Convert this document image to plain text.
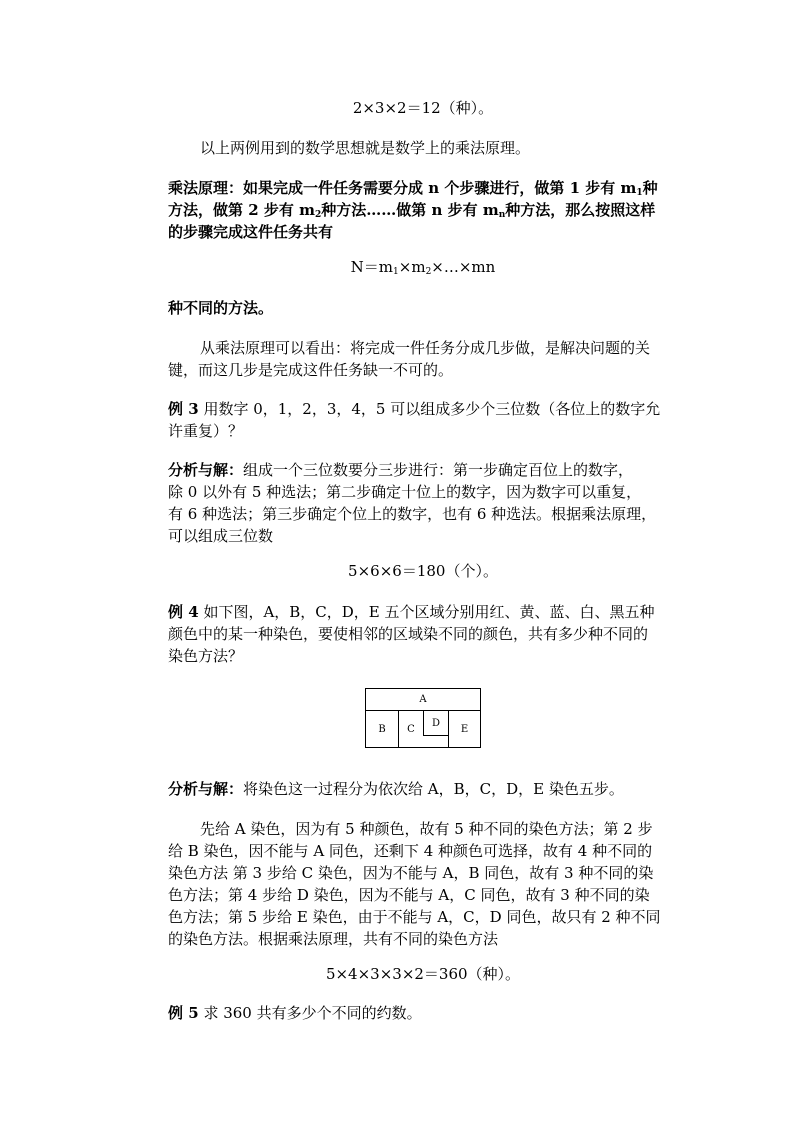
2×3×2＝12（种）。
以上两例用到的数学思想就是数学上的乘法原理。
乘法原理：如果完成一件任务需要分成 n 个步骤进行，做第 1 步有 $m_1$种
方法，做第 2 步有 $m_2$种方法……做第 n 步有 $m_n$种方法，那么按照这样
的步骤完成这件任务共有
$N=m_1\times m_2\times\dots\times mn$
种不同的方法。
从乘法原理可以看出：将完成一件任务分成几步做，是解决问题的关
键，而这几步是完成这件任务缺一不可的。
例 3 用数字 0，1，2，3，4，5 可以组成多少个三位数（各位上的数字允
许重复）？
分析与解：组成一个三位数要分三步进行：第一步确定百位上的数字，
除 0 以外有 5 种选法；第二步确定十位上的数字，因为数字可以重复，
有 6 种选法；第三步确定个位上的数字，也有 6 种选法。根据乘法原理，
可以组成三位数
5×6×6＝180（个）。
例 4 如下图，A，B，C，D，E 五个区域分别用红、黄、蓝、白、黑五种
颜色中的某一种染色，要使相邻的区域染不同的颜色，共有多少种不同的
染色方法？
A
B C
D
E
分析与解：将染色这一过程分为依次给 A，B，C，D，E 染色五步。
先给 A 染色，因为有 5 种颜色，故有 5 种不同的染色方法；第 2 步
给 B 染色，因不能与 A 同色，还剩下 4 种颜色可选择，故有 4 种不同的
染色方法 第 3 步给 C 染色，因为不能与 A，B 同色，故有 3 种不同的染
色方法；第 4 步给 D 染色，因为不能与 A，C 同色，故有 3 种不同的染
色方法；第 5 步给 E 染色，由于不能与 A，C，D 同色，故只有 2 种不同
的染色方法。根据乘法原理，共有不同的染色方法
5×4×3×3×2＝360（种）。
例 5 求 360 共有多少个不同的约数。
